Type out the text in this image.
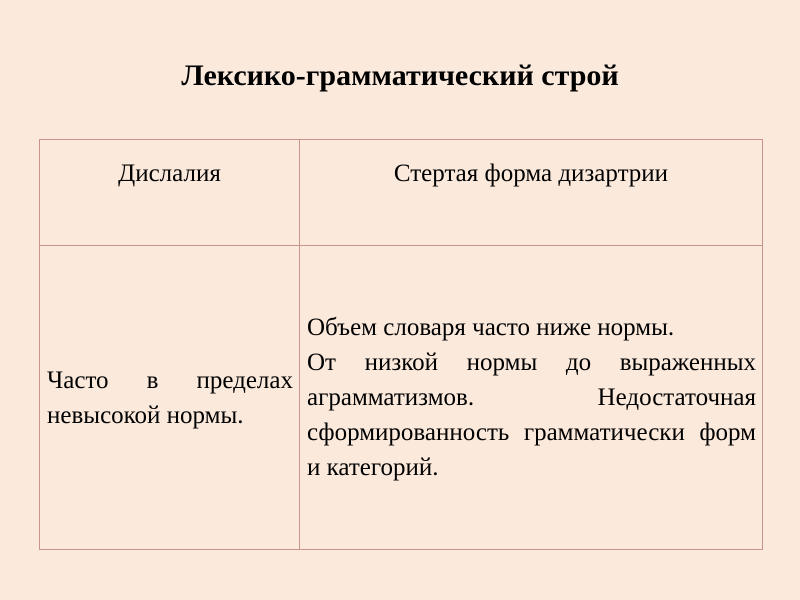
Лексико-грамматический строй
Дислалия	Стертая форма дизартрии

Часто в пределах невысокой нормы.	Объем словаря часто ниже нормы.
От низкой нормы до выраженных аграмматизмов. Недостаточная сформированность грамматически форм и категорий.
